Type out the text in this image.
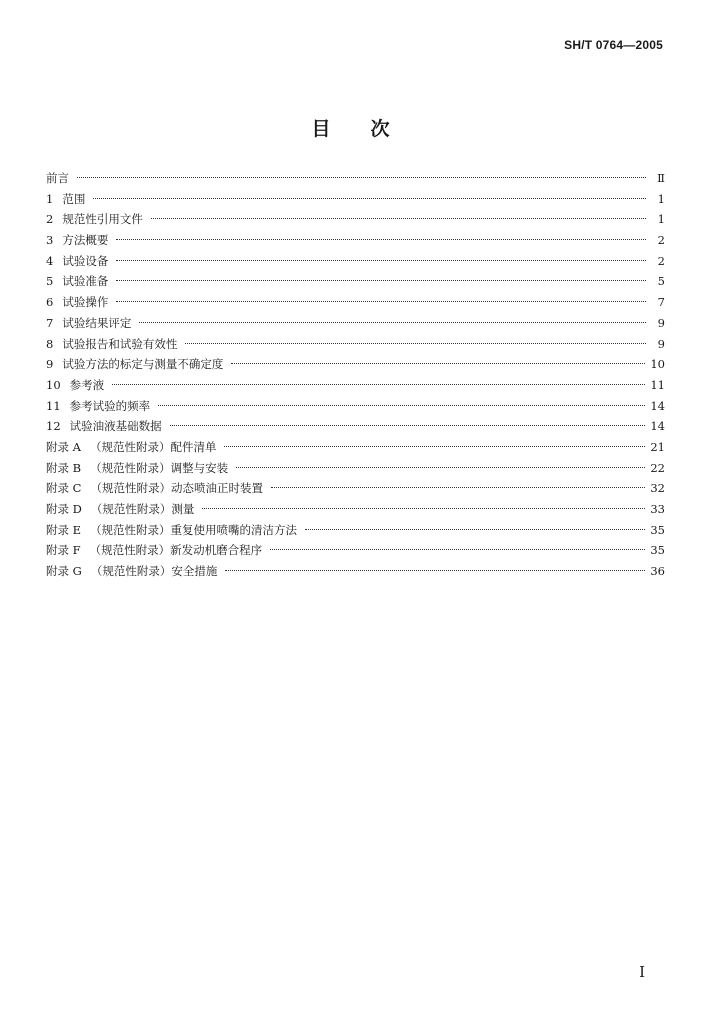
SH/T 0764—2005
目次
前言	Ⅱ
1 范围	1
2 规范性引用文件	1
3 方法概要	2
4 试验设备	2
5 试验准备	5
6 试验操作	7
7 试验结果评定	9
8 试验报告和试验有效性	9
9 试验方法的标定与测量不确定度	10
10 参考液	11
11 参考试验的频率	14
12 试验油液基础数据	14
附录 A （规范性附录）配件清单	21
附录 B （规范性附录）调整与安装	22
附录 C （规范性附录）动态喷油正时装置	32
附录 D （规范性附录）测量	33
附录 E （规范性附录）重复使用喷嘴的清洁方法	35
附录 F （规范性附录）新发动机磨合程序	35
附录 G （规范性附录）安全措施	36
I
